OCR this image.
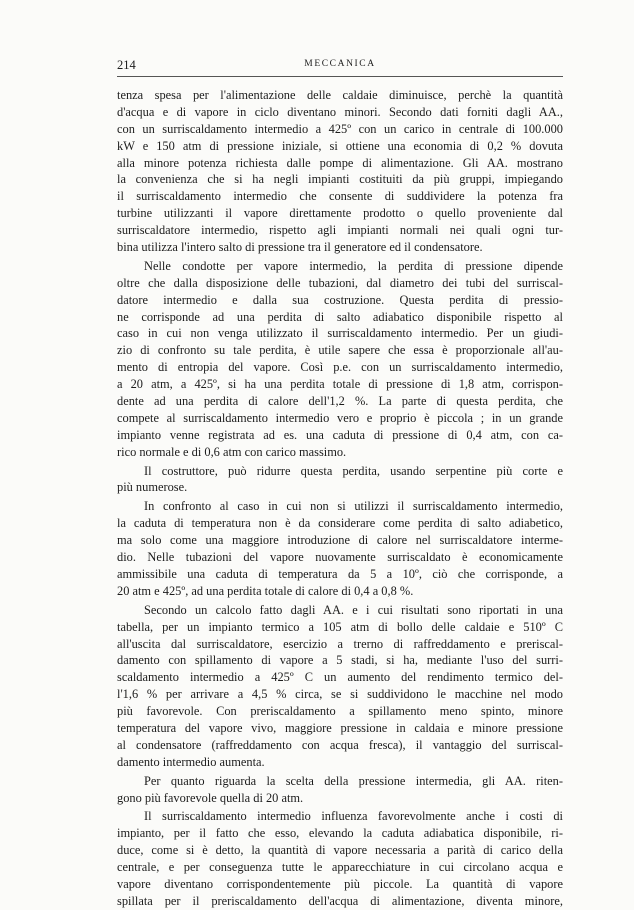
214	MECCANICA
tenza spesa per l'alimentazione delle caldaie diminuisce, perchè la quantità
d'acqua e di vapore in ciclo diventano minori. Secondo dati forniti dagli AA.,
con un surriscaldamento intermedio a 425º con un carico in centrale di 100.000
kW e 150 atm di pressione iniziale, si ottiene una economia di 0,2 % dovuta
alla minore potenza richiesta dalle pompe di alimentazione. Gli AA. mostrano
la convenienza che si ha negli impianti costituiti da più gruppi, impiegando
il surriscaldamento intermedio che consente di suddividere la potenza fra
turbine utilizzanti il vapore direttamente prodotto o quello proveniente dal
surriscaldatore intermedio, rispetto agli impianti normali nei quali ogni tur-
bina utilizza l'intero salto di pressione tra il generatore ed il condensatore.
Nelle condotte per vapore intermedio, la perdita di pressione dipende
oltre che dalla disposizione delle tubazioni, dal diametro dei tubi del surriscal-
datore intermedio e dalla sua costruzione. Questa perdita di pressio-
ne corrisponde ad una perdita di salto adiabatico disponibile rispetto al
caso in cui non venga utilizzato il surriscaldamento intermedio. Per un giudi-
zio di confronto su tale perdita, è utile sapere che essa è proporzionale all'au-
mento di entropia del vapore. Così p.e. con un surriscaldamento intermedio,
a 20 atm, a 425º, si ha una perdita totale di pressione di 1,8 atm, corrispon-
dente ad una perdita di calore dell'1,2 %. La parte di questa perdita, che
compete al surriscaldamento intermedio vero e proprio è piccola ; in un grande
impianto venne registrata ad es. una caduta di pressione di 0,4 atm, con ca-
rico normale e di 0,6 atm con carico massimo.
Il costruttore, può ridurre questa perdita, usando serpentine più corte e
più numerose.
In confronto al caso in cui non si utilizzi il surriscaldamento intermedio,
la caduta di temperatura non è da considerare come perdita di salto adiabetico,
ma solo come una maggiore introduzione di calore nel surriscaldatore interme-
dio. Nelle tubazioni del vapore nuovamente surriscaldato è economicamente
ammissibile una caduta di temperatura da 5 a 10º, ciò che corrisponde, a
20 atm e 425º, ad una perdita totale di calore di 0,4 a 0,8 %.
Secondo un calcolo fatto dagli AA. e i cui risultati sono riportati in una
tabella, per un impianto termico a 105 atm di bollo delle caldaie e 510º C
all'uscita dal surriscaldatore, esercizio a trerno di raffreddamento e preriscal-
damento con spillamento di vapore a 5 stadi, si ha, mediante l'uso del surri-
scaldamento intermedio a 425º C un aumento del rendimento termico del-
l'1,6 % per arrivare a 4,5 % circa, se si suddividono le macchine nel modo
più favorevole. Con preriscaldamento a spillamento meno spinto, minore
temperatura del vapore vivo, maggiore pressione in caldaia e minore pressione
al condensatore (raffreddamento con acqua fresca), il vantaggio del surriscal-
damento intermedio aumenta.
Per quanto riguarda la scelta della pressione intermedia, gli AA. riten-
gono più favorevole quella di 20 atm.
Il surriscaldamento intermedio influenza favorevolmente anche i costi di
impianto, per il fatto che esso, elevando la caduta adiabatica disponibile, ri-
duce, come si è detto, la quantità di vapore necessaria a parità di carico della
centrale, e per conseguenza tutte le apparecchiature in cui circolano acqua e
vapore diventano corrispondentemente più piccole. La quantità di vapore
spillata per il preriscaldamento dell'acqua di alimentazione, diventa minore,
